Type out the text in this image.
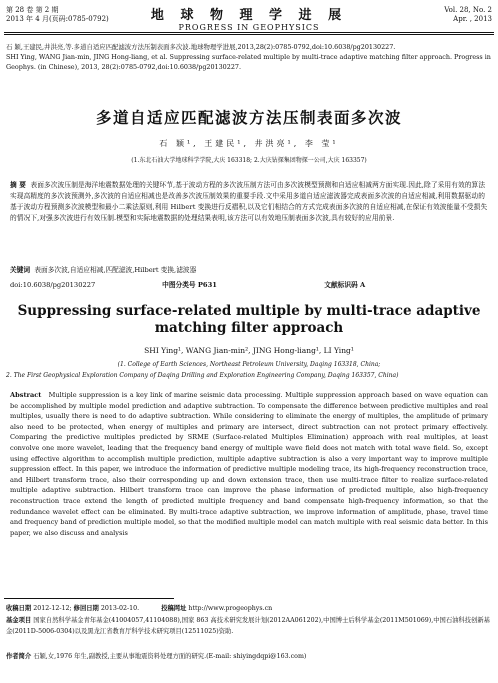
第 28 卷 第 2 期
2013 年 4 月(页码:0785-0792)	地 球 物 理 学 进 展
PROGRESS IN GEOPHYSICS
Vol. 28, No. 2
Apr. , 2013
石 颖,王建民,井洪亮,等.多道自适应匹配滤波方法压制表面多次波.地球物理学进展,2013,28(2):0785-0792,doi:10.6038/pg20130227.
SHI Ying, WANG Jian-min, JING Hong-liang, et al. Suppressing surface-related multiple by multi-trace adaptive matching filter approach. Progress in Geophys. (in Chinese), 2013, 28(2):0785-0792,doi:10.6038/pg20130227.
多道自适应匹配滤波方法压制表面多次波
石 颖¹, 王建民¹, 井洪亮¹, 李 莹¹
(1.东北石油大学地球科学学院,大庆 163318; 2.大庆钻探集团物探一公司,大庆 163357)
摘 要 表面多次波压制是海洋地震数据处理的关键环节,基于波动方程的多次波压制方法可由多次波模型预测和自适应相减两方面实现.因此,除了采用有效的算法实现高精度的多次波预测外,多次波的自适应相减也是改善多次波压制效果的重要手段.文中采用多道自适应滤波器完成表面多次波的自适应相减,利用数据驱动的基于波动方程预测多次波模型和最小二乘法原则,利用 Hilbert 变换进行反褶积,以及它们相结合的方式完成表面多次波的自适应相减,在保证有效波能量不受损失的情况下,对强多次波进行有效压制.模型和实际地震数据的处理结果表明,该方法可以有效地压制表面多次波,具有较好的应用前景.
关键词 表面多次波,自适应相减,匹配滤波,Hilbert 变换,滤波器
doi:10.6038/pg20130227	中图分类号 P631	文献标识码 A
Suppressing surface-related multiple by multi-trace adaptive matching filter approach
SHI Ying¹, WANG Jian-min², JING Hong-liang¹, LI Ying¹
(1. College of Earth Sciences, Northeast Petroleum University, Daqing 163318, China;
2. The First Geophysical Exploration Company of Daqing Drilling and Exploration Engineering Company, Daqing 163357, China)
Abstract Multiple suppression is a key link of marine seismic data processing. Multiple suppression approach based on wave equation can be accomplished by multiple model prediction and adaptive subtraction. To compensate the difference between predictive multiples and real multiples, usually there is need to do adaptive subtraction. While considering to eliminate the energy of multiples, the amplitude of primary also need to be protected, when energy of multiples and primary are intersect, direct subtraction can not protect primary effectively. Comparing the predictive multiples predicted by SRME (Surface-related Multiples Elimination) approach with real multiples, at least convolve one more wavelet, leading that the frequency band energy of multiple wave field does not match with total wave field. So, except using effective algorithm to accomplish multiple prediction, multiple adaptive subtraction is also a very important way to improve multiple suppression effect. In this paper, we introduce the information of predictive multiple modeling trace, its high-frequency reconstruction trace, and Hilbert transform trace, also their corresponding up and down extension trace, then use multi-trace filter to realize surface-related multiple adaptive subtraction. Hilbert transform trace can improve the phase information of predicted multiple, also high-frequency reconstruction trace extend the length of predicted multiple frequency and band compensate high-frequency information, so that the redundance wavelet effect can be eliminated. By multi-trace adaptive subtraction, we improve information of amplitude, phase, travel time and frequency band of prediction multiple model, so that the modified multiple model can match multiple with real seismic data better. In this paper, we also discuss and analysis
收稿日期 2012-12-12; 修回日期 2013-02-10.	投稿网址 http://www.progeophys.cn
基金项目 国家自然科学基金青年基金(41004057,41104088),国家 863 高技术研究发展计划(2012AA061202),中国博士后科学基金(2011M501069),中国石油科技创新基金(2011D-5006-0304)以及黑龙江省教育厅科学技术研究项目(12511025)资助.
作者简介 石颖,女,1976 年生,副教授,主要从事地震资料处理方面的研究.(E-mail: shiyingdqpi@163.com)
